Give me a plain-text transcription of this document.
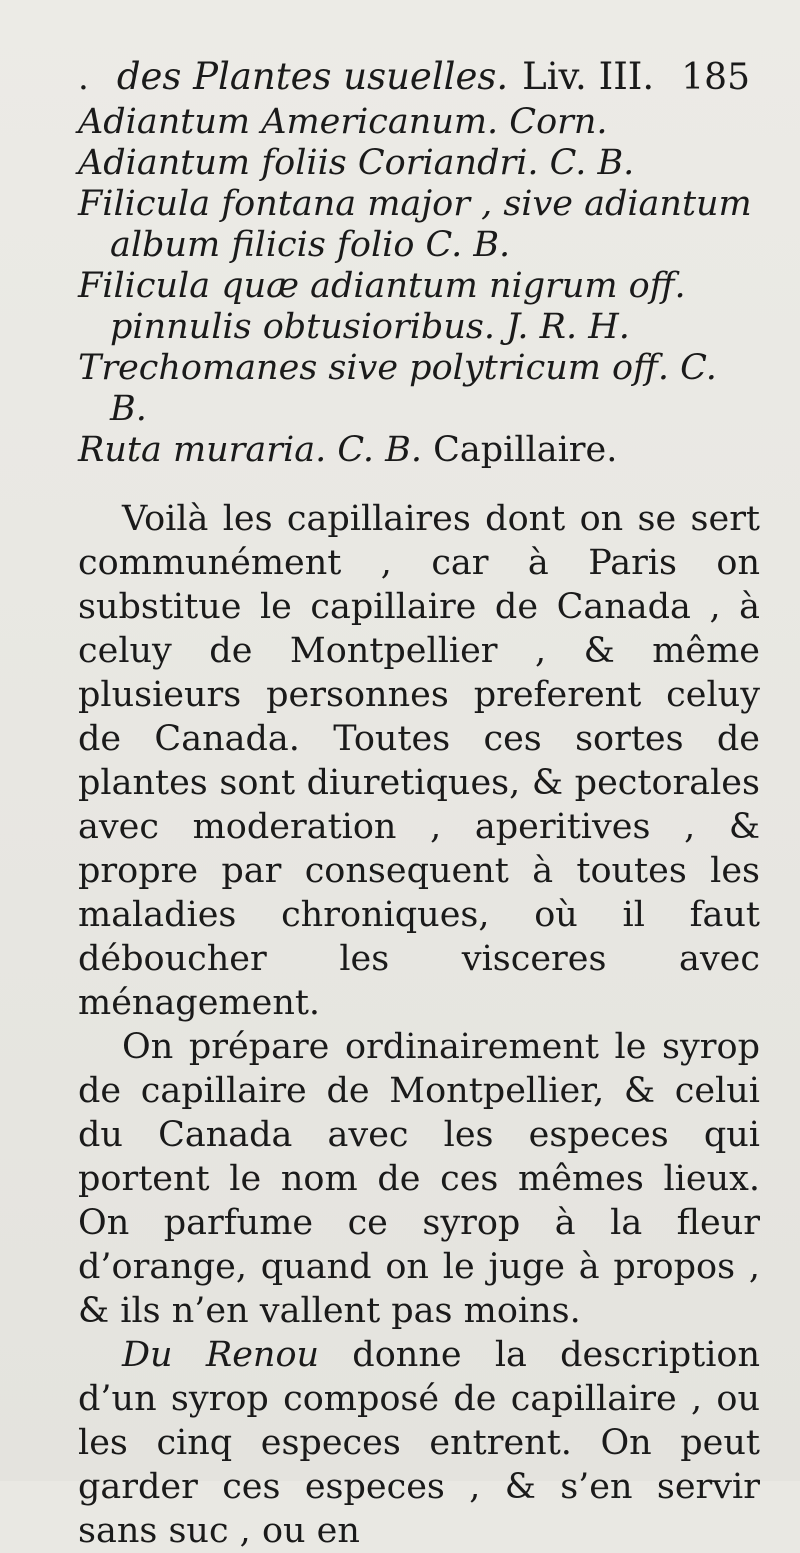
. des Plantes usuelles. Liv. III. 185
Adiantum Americanum. Corn.
Adiantum foliis Coriandri. C. B.
Filicula fontana major , sive adiantum album filicis folio C. B.
Filicula quæ adiantum nigrum off. pinnulis obtusioribus. J. R. H.
Trechomanes sive polytricum off. C. B.
Ruta muraria. C. B. Capillaire.

Voilà les capillaires dont on se sert communément , car à Paris on substitue le capillaire de Canada , à celuy de Montpellier , & même plusieurs personnes preferent celuy de Canada. Toutes ces sortes de plantes sont diuretiques, & pectorales avec moderation , aperitives , & propre par consequent à toutes les maladies chroniques, où il faut déboucher les visceres avec ménagement.

On prépare ordinairement le syrop de capillaire de Montpellier, & celui du Canada avec les especes qui portent le nom de ces mêmes lieux. On parfume ce syrop à la fleur d’orange, quand on le juge à propos , & ils n’en vallent pas moins.

Du Renou donne la description d’un syrop composé de capillaire , ou les cinq especes entrent. On peut garder ces especes , & s’en servir sans suc , ou en
